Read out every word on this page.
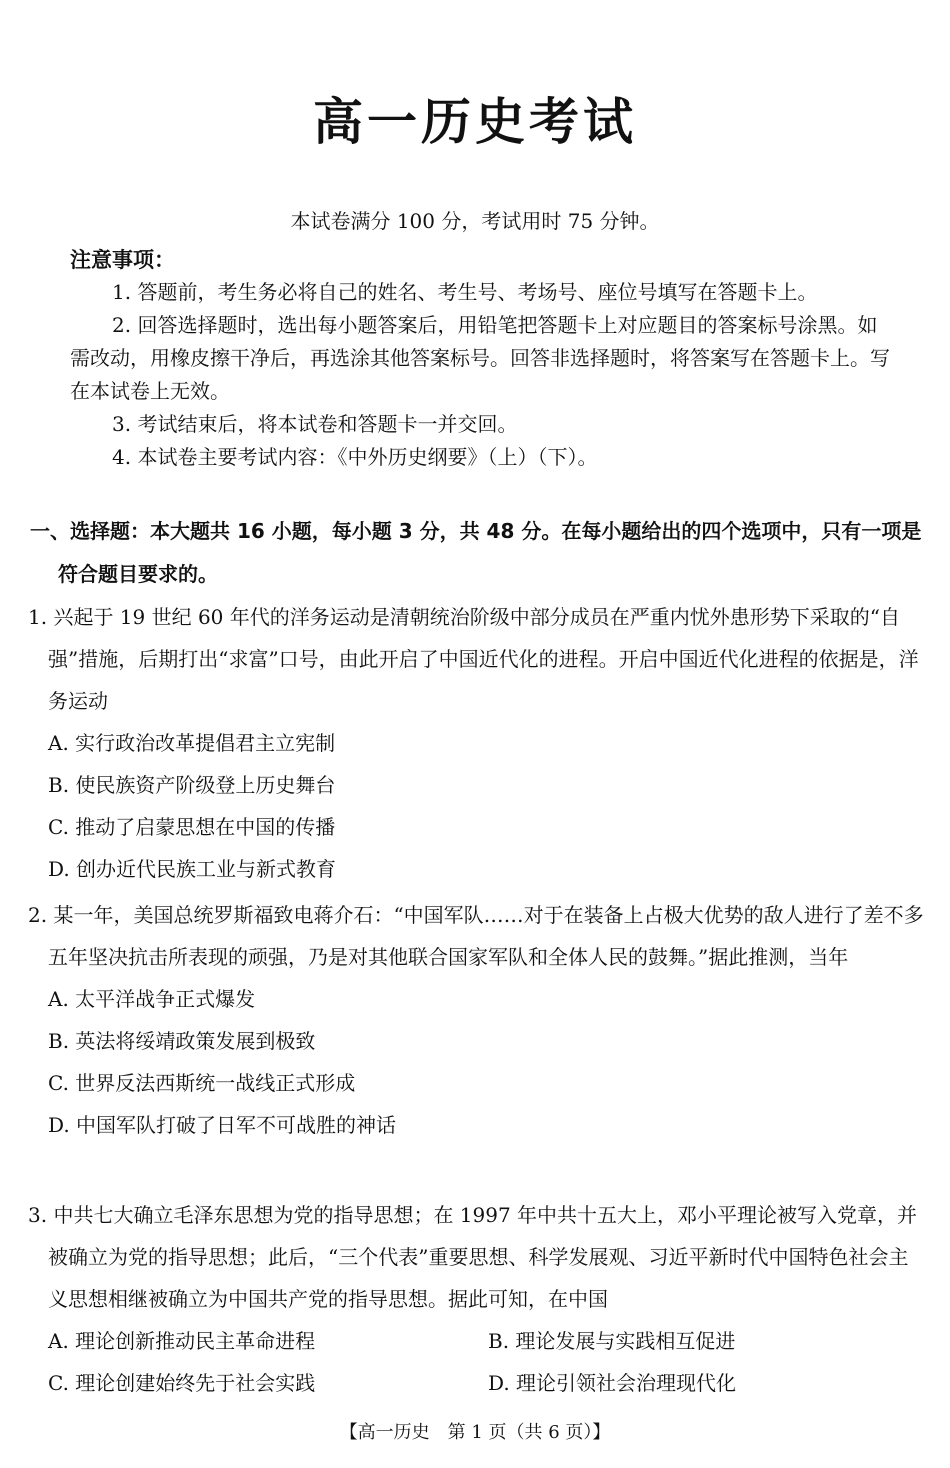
高一历史考试
本试卷满分 100 分，考试用时 75 分钟。
注意事项：

1. 答题前，考生务必将自己的姓名、考生号、考场号、座位号填写在答题卡上。

2. 回答选择题时，选出每小题答案后，用铅笔把答题卡上对应题目的答案标号涂黑。如需改动，用橡皮擦干净后，再选涂其他答案标号。回答非选择题时，将答案写在答题卡上。写在本试卷上无效。

3. 考试结束后，将本试卷和答题卡一并交回。

4. 本试卷主要考试内容：《中外历史纲要》（上）（下）。

一、选择题：本大题共 16 小题，每小题 3 分，共 48 分。在每小题给出的四个选项中，只有一项是
符合题目要求的。

1. 兴起于 19 世纪 60 年代的洋务运动是清朝统治阶级中部分成员在严重内忧外患形势下采取的“自强”措施，后期打出“求富”口号，由此开启了中国近代化的进程。开启中国近代化进程的依据是，洋务运动

A. 实行政治改革提倡君主立宪制

B. 使民族资产阶级登上历史舞台

C. 推动了启蒙思想在中国的传播

D. 创办近代民族工业与新式教育

2. 某一年，美国总统罗斯福致电蒋介石：“中国军队……对于在装备上占极大优势的敌人进行了差不多五年坚决抗击所表现的顽强，乃是对其他联合国家军队和全体人民的鼓舞。”据此推测，当年

A. 太平洋战争正式爆发

B. 英法将绥靖政策发展到极致

C. 世界反法西斯统一战线正式形成

D. 中国军队打破了日军不可战胜的神话

3. 中共七大确立毛泽东思想为党的指导思想；在 1997 年中共十五大上，邓小平理论被写入党章，并被确立为党的指导思想；此后，“三个代表”重要思想、科学发展观、习近平新时代中国特色社会主义思想相继被确立为中国共产党的指导思想。据此可知，在中国

A. 理论创新推动民主革命进程	B. 理论发展与实践相互促进
C. 理论创建始终先于社会实践	D. 理论引领社会治理现代化
【高一历史　第 1 页（共 6 页）】
